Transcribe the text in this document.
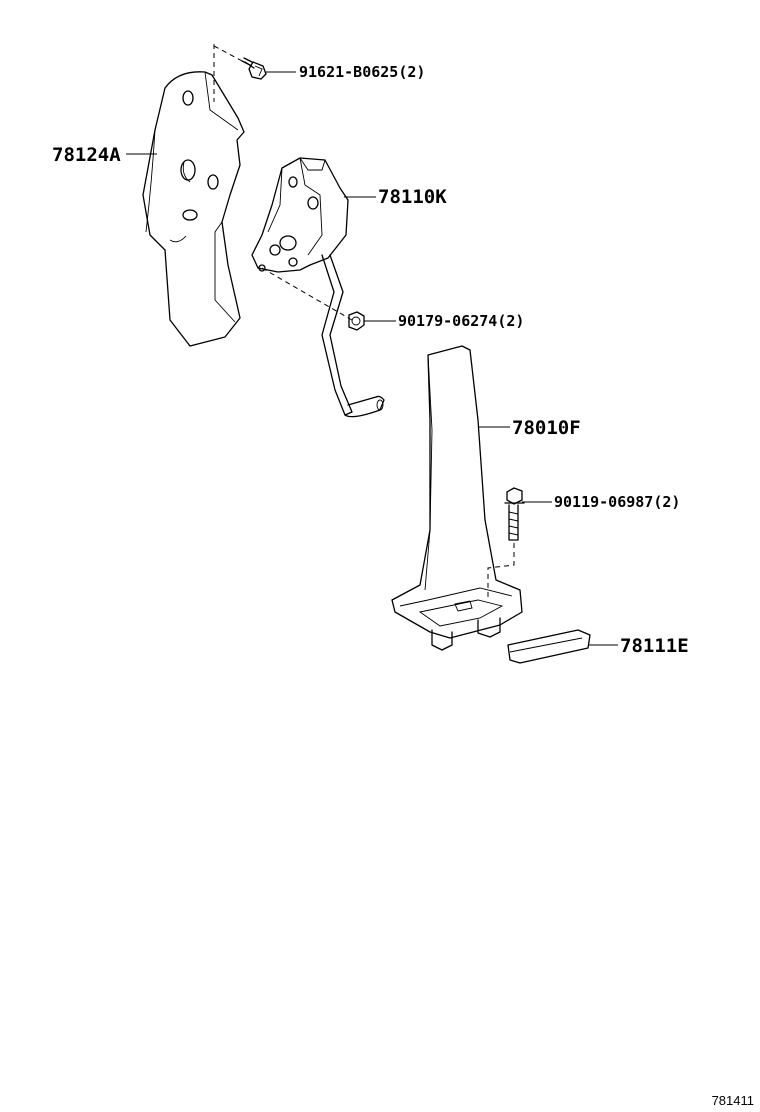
78124A
91621-B0625(2)
78110K
90179-06274(2)
78010F
90119-06987(2)
78111E
781411
